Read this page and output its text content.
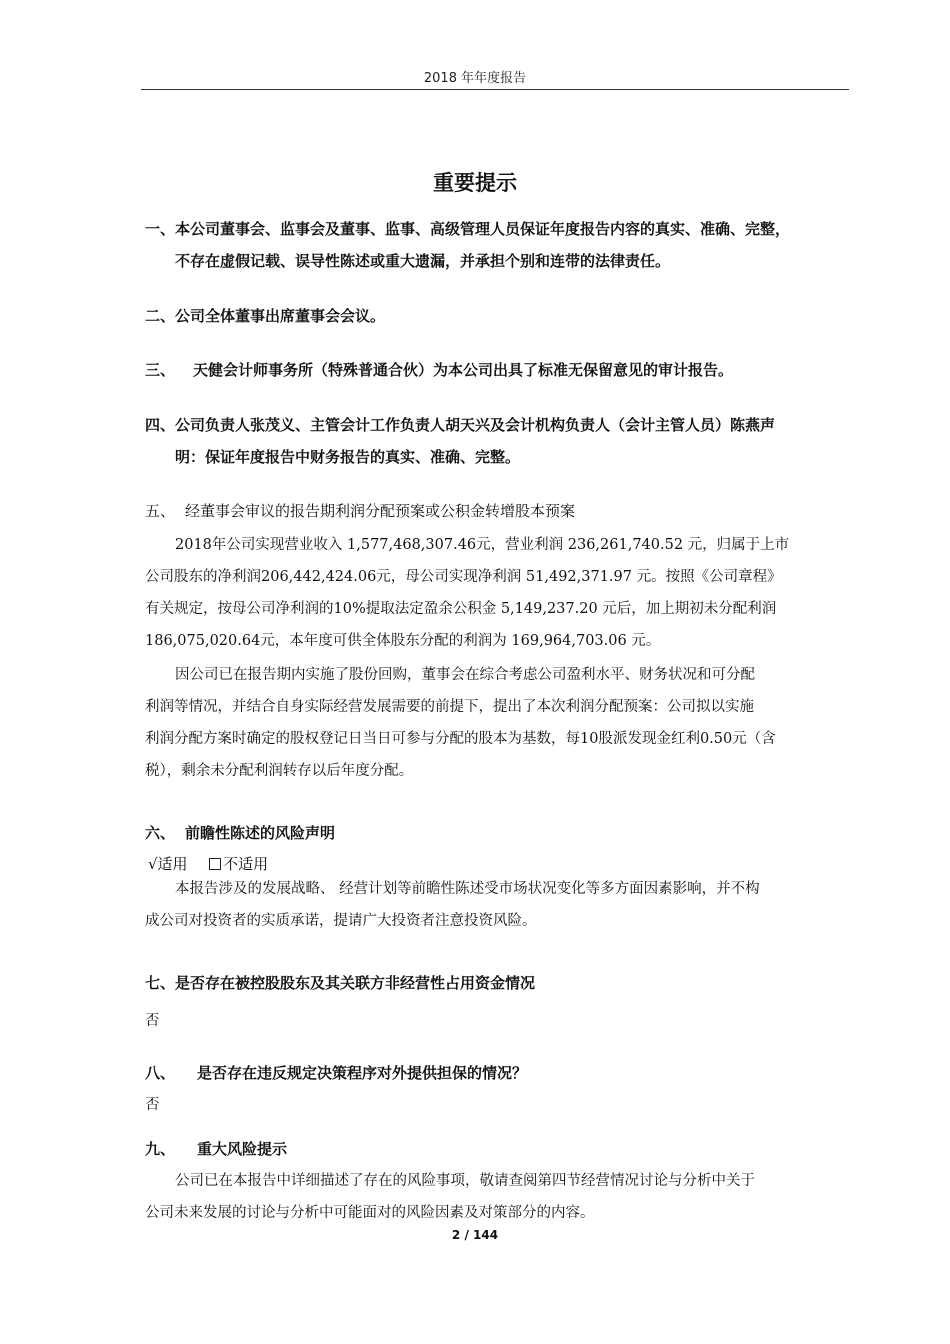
2018 年年度报告
重要提示
一、本公司董事会、监事会及董事、监事、高级管理人员保证年度报告内容的真实、准确、完整，
不存在虚假记载、误导性陈述或重大遗漏，并承担个别和连带的法律责任。
二、公司全体董事出席董事会会议。
三、 天健会计师事务所（特殊普通合伙）为本公司出具了标准无保留意见的审计报告。
四、公司负责人张茂义、主管会计工作负责人胡天兴及会计机构负责人（会计主管人员）陈燕声
明：保证年度报告中财务报告的真实、准确、完整。
五、 经董事会审议的报告期利润分配预案或公积金转增股本预案
2018年公司实现营业收入 1,577,468,307.46元，营业利润 236,261,740.52 元，归属于上市
公司股东的净利润206,442,424.06元，母公司实现净利润 51,492,371.97 元。按照《公司章程》
有关规定，按母公司净利润的10%提取法定盈余公积金 5,149,237.20 元后，加上期初未分配利润
186,075,020.64元，本年度可供全体股东分配的利润为 169,964,703.06 元。
因公司已在报告期内实施了股份回购，董事会在综合考虑公司盈利水平、财务状况和可分配
利润等情况，并结合自身实际经营发展需要的前提下，提出了本次利润分配预案：公司拟以实施
利润分配方案时确定的股权登记日当日可参与分配的股本为基数，每10股派发现金红利0.50元（含
税），剩余未分配利润转存以后年度分配。
六、 前瞻性陈述的风险声明
√适用 不适用
本报告涉及的发展战略、 经营计划等前瞻性陈述受市场状况变化等多方面因素影响，并不构
成公司对投资者的实质承诺，提请广大投资者注意投资风险。
七、是否存在被控股股东及其关联方非经营性占用资金情况
否
八、 是否存在违反规定决策程序对外提供担保的情况？
否
九、 重大风险提示
公司已在本报告中详细描述了存在的风险事项，敬请查阅第四节经营情况讨论与分析中关于
公司未来发展的讨论与分析中可能面对的风险因素及对策部分的内容。
2 / 144
